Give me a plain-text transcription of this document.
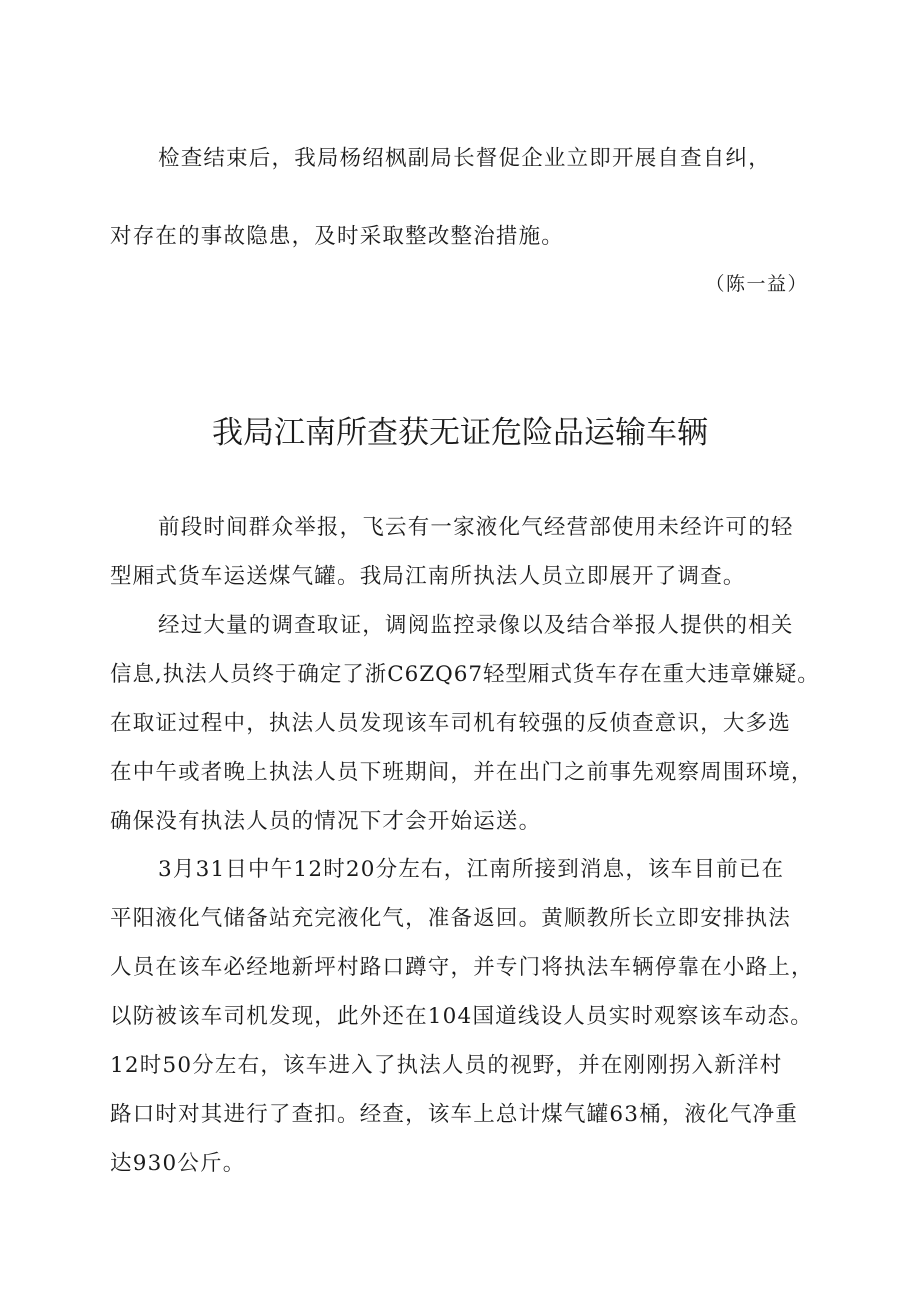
检查结束后，我局杨绍枫副局长督促企业立即开展自查自纠，
对存在的事故隐患，及时采取整改整治措施。
（陈一益）
我局江南所查获无证危险品运输车辆
前段时间群众举报，飞云有一家液化气经营部使用未经许可的轻
型厢式货车运送煤气罐。我局江南所执法人员立即展开了调查。
经过大量的调查取证，调阅监控录像以及结合举报人提供的相关
信息,执法人员终于确定了浙C6ZQ67轻型厢式货车存在重大违章嫌疑。
在取证过程中，执法人员发现该车司机有较强的反侦查意识，大多选
在中午或者晚上执法人员下班期间，并在出门之前事先观察周围环境，
确保没有执法人员的情况下才会开始运送。
3月31日中午12时20分左右，江南所接到消息，该车目前已在
平阳液化气储备站充完液化气，准备返回。黄顺教所长立即安排执法
人员在该车必经地新坪村路口蹲守，并专门将执法车辆停靠在小路上，
以防被该车司机发现，此外还在104国道线设人员实时观察该车动态。
12时50分左右，该车进入了执法人员的视野，并在刚刚拐入新洋村
路口时对其进行了查扣。经查，该车上总计煤气罐63桶，液化气净重
达930公斤。
